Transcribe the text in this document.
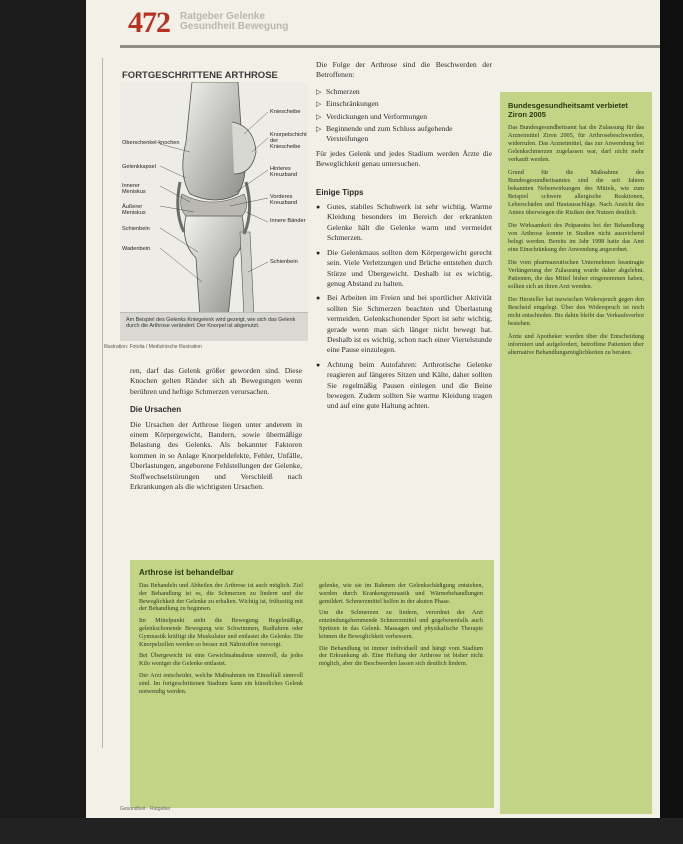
472 Ratgeber Gelenke Gesundheit Bewegung
FORTGESCHRITTENE ARTHROSE
Oberschenkel-knochen
Gelenkkapsel
Innerer Meniskus
Äußerer Meniskus
Schienbein
Wadenbein
Kniescheibe
Knorpelschicht der Kniescheibe
Hinteres Kreuzband
Vorderes Kreuzband
Innere Bänder
Schienbein
Am Beispiel des Gelenks Kniegelenk wird gezeigt, wie sich das Gelenk durch die Arthrose verändert: Der Knorpel ist abgenutzt.
Illustration: Fotolia / Medizinische Illustration

ren, darf das Gelenk größer geworden sind. Diese Knochen gelten Ränder sich ab Bewegungen wenn berühren und heftige Schmerzen verursachen.

Die Ursachen

Die Ursachen der Arthrose liegen unter anderem in einem Körpergewicht, Bandern, sowie übermäßige Belastung des Gelenks. Als bekannter Faktoren kommen in so Anlage Knorpeldefekte, Fehler, Unfälle, Überlastungen, angeborene Fehlstellungen der Gelenke, Stoffwechselstörungen und Verschleiß nach Erkrankungen als die wichtigsten Ursachen.

Die Folge der Arthrose sind die Beschwerden der Betroffenen:

▷ Schmerzen
▷ Einschränkungen
▷ Verdickungen und Verformungen
▷ Beginnende und zum Schluss aufgehende Versteifungen

Für jedes Gelenk und jedes Stadium werden Ärzte die Beweglichkeit genau untersuchen.

Einige Tipps
● Gutes, stabiles Schuhwerk ist sehr wichtig. Warme Kleidung besonders im Bereich der erkrankten Gelenke hält die Gelenke warm und vermeidet Schmerzen.
● Die Gelenkmaus sollten dem Körpergewicht gerecht sein. Viele Verletzungen und Brüche entstehen durch Stürze und Übergewicht. Deshalb ist es wichtig, genug Abstand zu halten.
● Bei Arbeiten im Freien und bei sportlicher Aktivität sollten Sie Schmerzen beachten und Überlastung vermeiden. Gelenkschonender Sport ist sehr wichtig, gerade wenn man sich länger nicht bewegt hat. Deshalb ist es wichtig, schon nach einer Viertelstunde eine Pause einzulegen.
● Achtung beim Autofahren: Arthrotische Gelenke reagieren auf längeres Sitzen und Kälte, daher sollten Sie regelmäßig Pausen einlegen und die Beine bewegen. Zudem sollten Sie warme Kleidung tragen und auf eine gute Haltung achten.
Bundesgesundheitsamt verbietet Ziron 2005

Das Bundesgesundheitsamt hat die Zulassung für das Arzneimittel Ziron 2005, für Arthrosebeschwerden, widerrufen. Das Arzneimittel, das zur Anwendung bei Gelenkschmerzen zugelassen war, darf nicht mehr verkauft werden.

Grund für die Maßnahme des Bundesgesundheitsamtes sind die seit Jahren bekannten Nebenwirkungen des Mittels, wie zum Beispiel schwere allergische Reaktionen, Leberschäden und Hautausschläge. Nach Ansicht des Amtes überwiegen die Risiken den Nutzen deutlich.

Die Wirksamkeit des Präparates bei der Behandlung von Arthrose konnte in Studien nicht ausreichend belegt werden. Bereits im Jahr 1998 hatte das Amt eine Einschränkung der Anwendung angeordnet.

Die vom pharmazeutischen Unternehmen beantragte Verlängerung der Zulassung wurde daher abgelehnt. Patienten, die das Mittel bisher eingenommen haben, sollten sich an ihren Arzt wenden.

Der Hersteller hat inzwischen Widerspruch gegen den Bescheid eingelegt. Über den Widerspruch ist noch nicht entschieden. Bis dahin bleibt das Verkaufsverbot bestehen.

Ärzte und Apotheker wurden über die Entscheidung informiert und aufgefordert, betroffene Patienten über alternative Behandlungsmöglichkeiten zu beraten.

Arthrose ist behandelbar

Das Behandeln und Abheilen der Arthrose ist auch möglich. Ziel der Behandlung ist es, die Schmerzen zu lindern und die Beweglichkeit der Gelenke zu erhalten. Wichtig ist, frühzeitig mit der Behandlung zu beginnen.

Im Mittelpunkt steht die Bewegung. Regelmäßige, gelenkschonende Bewegung wie Schwimmen, Radfahren oder Gymnastik kräftigt die Muskulatur und entlastet die Gelenke. Die Knorpelzellen werden so besser mit Nährstoffen versorgt.

Bei Übergewicht ist eine Gewichtsabnahme sinnvoll, da jedes Kilo weniger die Gelenke entlastet.

Der Arzt entscheidet, welche Maßnahmen im Einzelfall sinnvoll sind. Im fortgeschrittenen Stadium kann ein künstliches Gelenk notwendig werden.

gelenke, wie sie im Rahmen der Gelenkschädigung entstehen, werden durch Krankengymnastik und Wärmebehandlungen gemildert. Schmerzmittel helfen in der akuten Phase.

Um die Schmerzen zu lindern, verordnet der Arzt entzündungshemmende Schmerzmittel und gegebenenfalls auch Spritzen in das Gelenk. Massagen und physikalische Therapie können die Beweglichkeit verbessern.

Die Behandlung ist immer individuell und hängt vom Stadium der Erkrankung ab. Eine Heilung der Arthrose ist bisher nicht möglich, aber die Beschwerden lassen sich deutlich lindern.

Gesundheit · Ratgeber
